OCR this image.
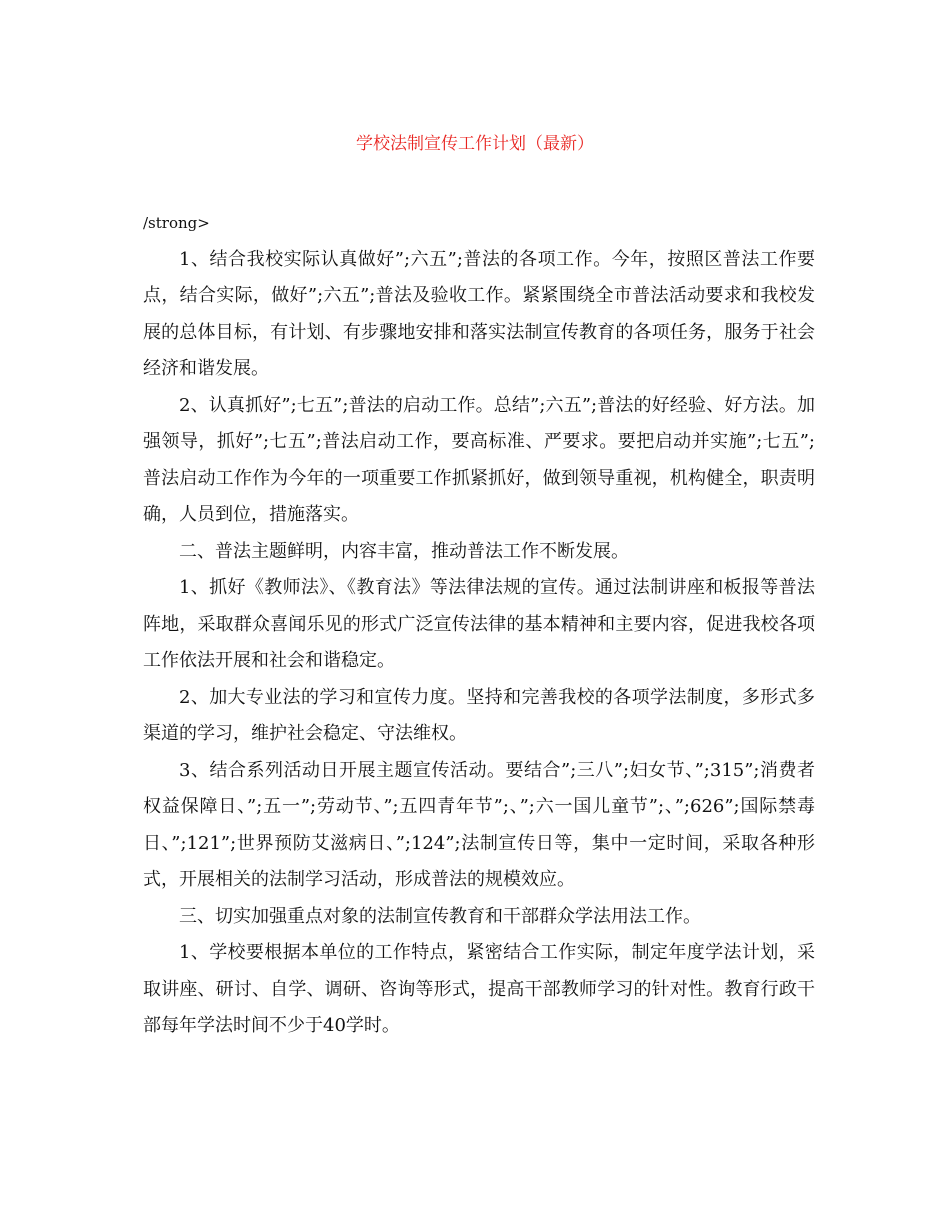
学校法制宣传工作计划（最新）

/strong>

1、结合我校实际认真做好”;六五”;普法的各项工作。今年，按照区普法工作要点，结合实际，做好”;六五”;普法及验收工作。紧紧围绕全市普法活动要求和我校发展的总体目标，有计划、有步骤地安排和落实法制宣传教育的各项任务，服务于社会经济和谐发展。

2、认真抓好”;七五”;普法的启动工作。总结”;六五”;普法的好经验、好方法。加强领导，抓好”;七五”;普法启动工作，要高标准、严要求。要把启动并实施”;七五”;普法启动工作作为今年的一项重要工作抓紧抓好，做到领导重视，机构健全，职责明确，人员到位，措施落实。

二、普法主题鲜明，内容丰富，推动普法工作不断发展。

1、抓好《教师法》、《教育法》等法律法规的宣传。通过法制讲座和板报等普法阵地，采取群众喜闻乐见的形式广泛宣传法律的基本精神和主要内容，促进我校各项工作依法开展和社会和谐稳定。

2、加大专业法的学习和宣传力度。坚持和完善我校的各项学法制度，多形式多渠道的学习，维护社会稳定、守法维权。

3、结合系列活动日开展主题宣传活动。要结合”;三八”;妇女节、”;315”;消费者权益保障日、”;五一”;劳动节、”;五四青年节”;、”;六一国儿童节”;、”;626”;国际禁毒日、”;121”;世界预防艾滋病日、”;124”;法制宣传日等，集中一定时间，采取各种形式，开展相关的法制学习活动，形成普法的规模效应。

三、切实加强重点对象的法制宣传教育和干部群众学法用法工作。

1、学校要根据本单位的工作特点，紧密结合工作实际，制定年度学法计划，采取讲座、研讨、自学、调研、咨询等形式，提高干部教师学习的针对性。教育行政干部每年学法时间不少于40学时。
